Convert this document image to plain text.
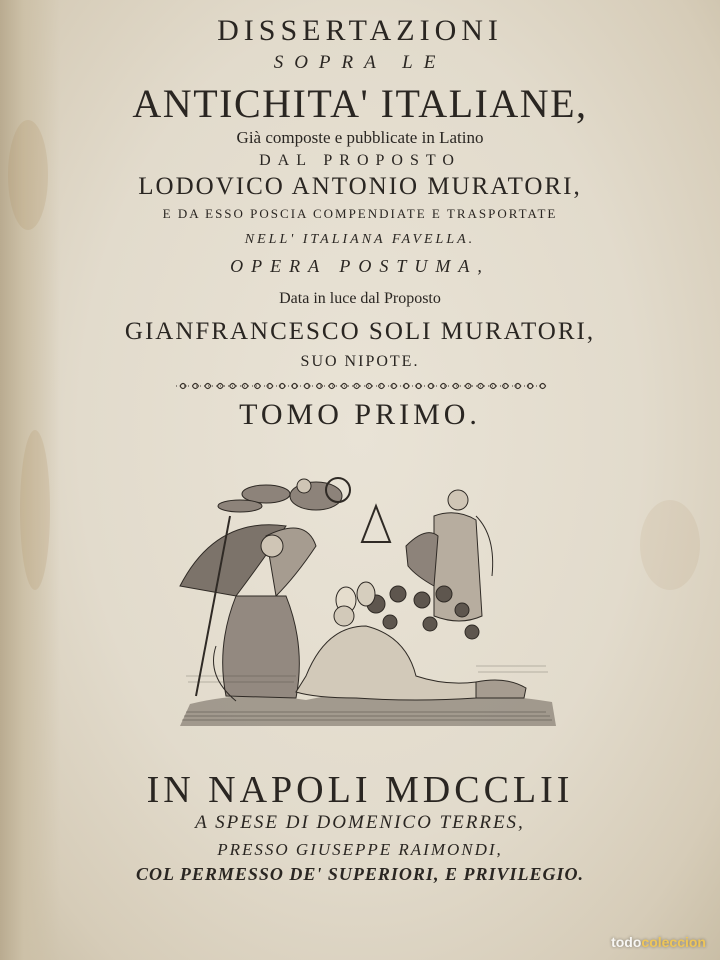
DISSERTAZIONI
SOPRA LE
ANTICHITA' ITALIANE,
Già composte e pubblicate in Latino
DAL PROPOSTO
LODOVICO ANTONIO MURATORI,
E DA ESSO POSCIA COMPENDIATE E TRASPORTATE
NELL' ITALIANA FAVELLA.
OPERA POSTUMA,
Data in luce dal Proposto
GIANFRANCESCO SOLI MURATORI,
SUO NIPOTE.
TOMO PRIMO.
IN NAPOLI MDCCLII
A SPESE DI DOMENICO TERRES,
PRESSO GIUSEPPE RAIMONDI,
COL PERMESSO DE' SUPERIORI, E PRIVILEGIO.
todocoleccion
